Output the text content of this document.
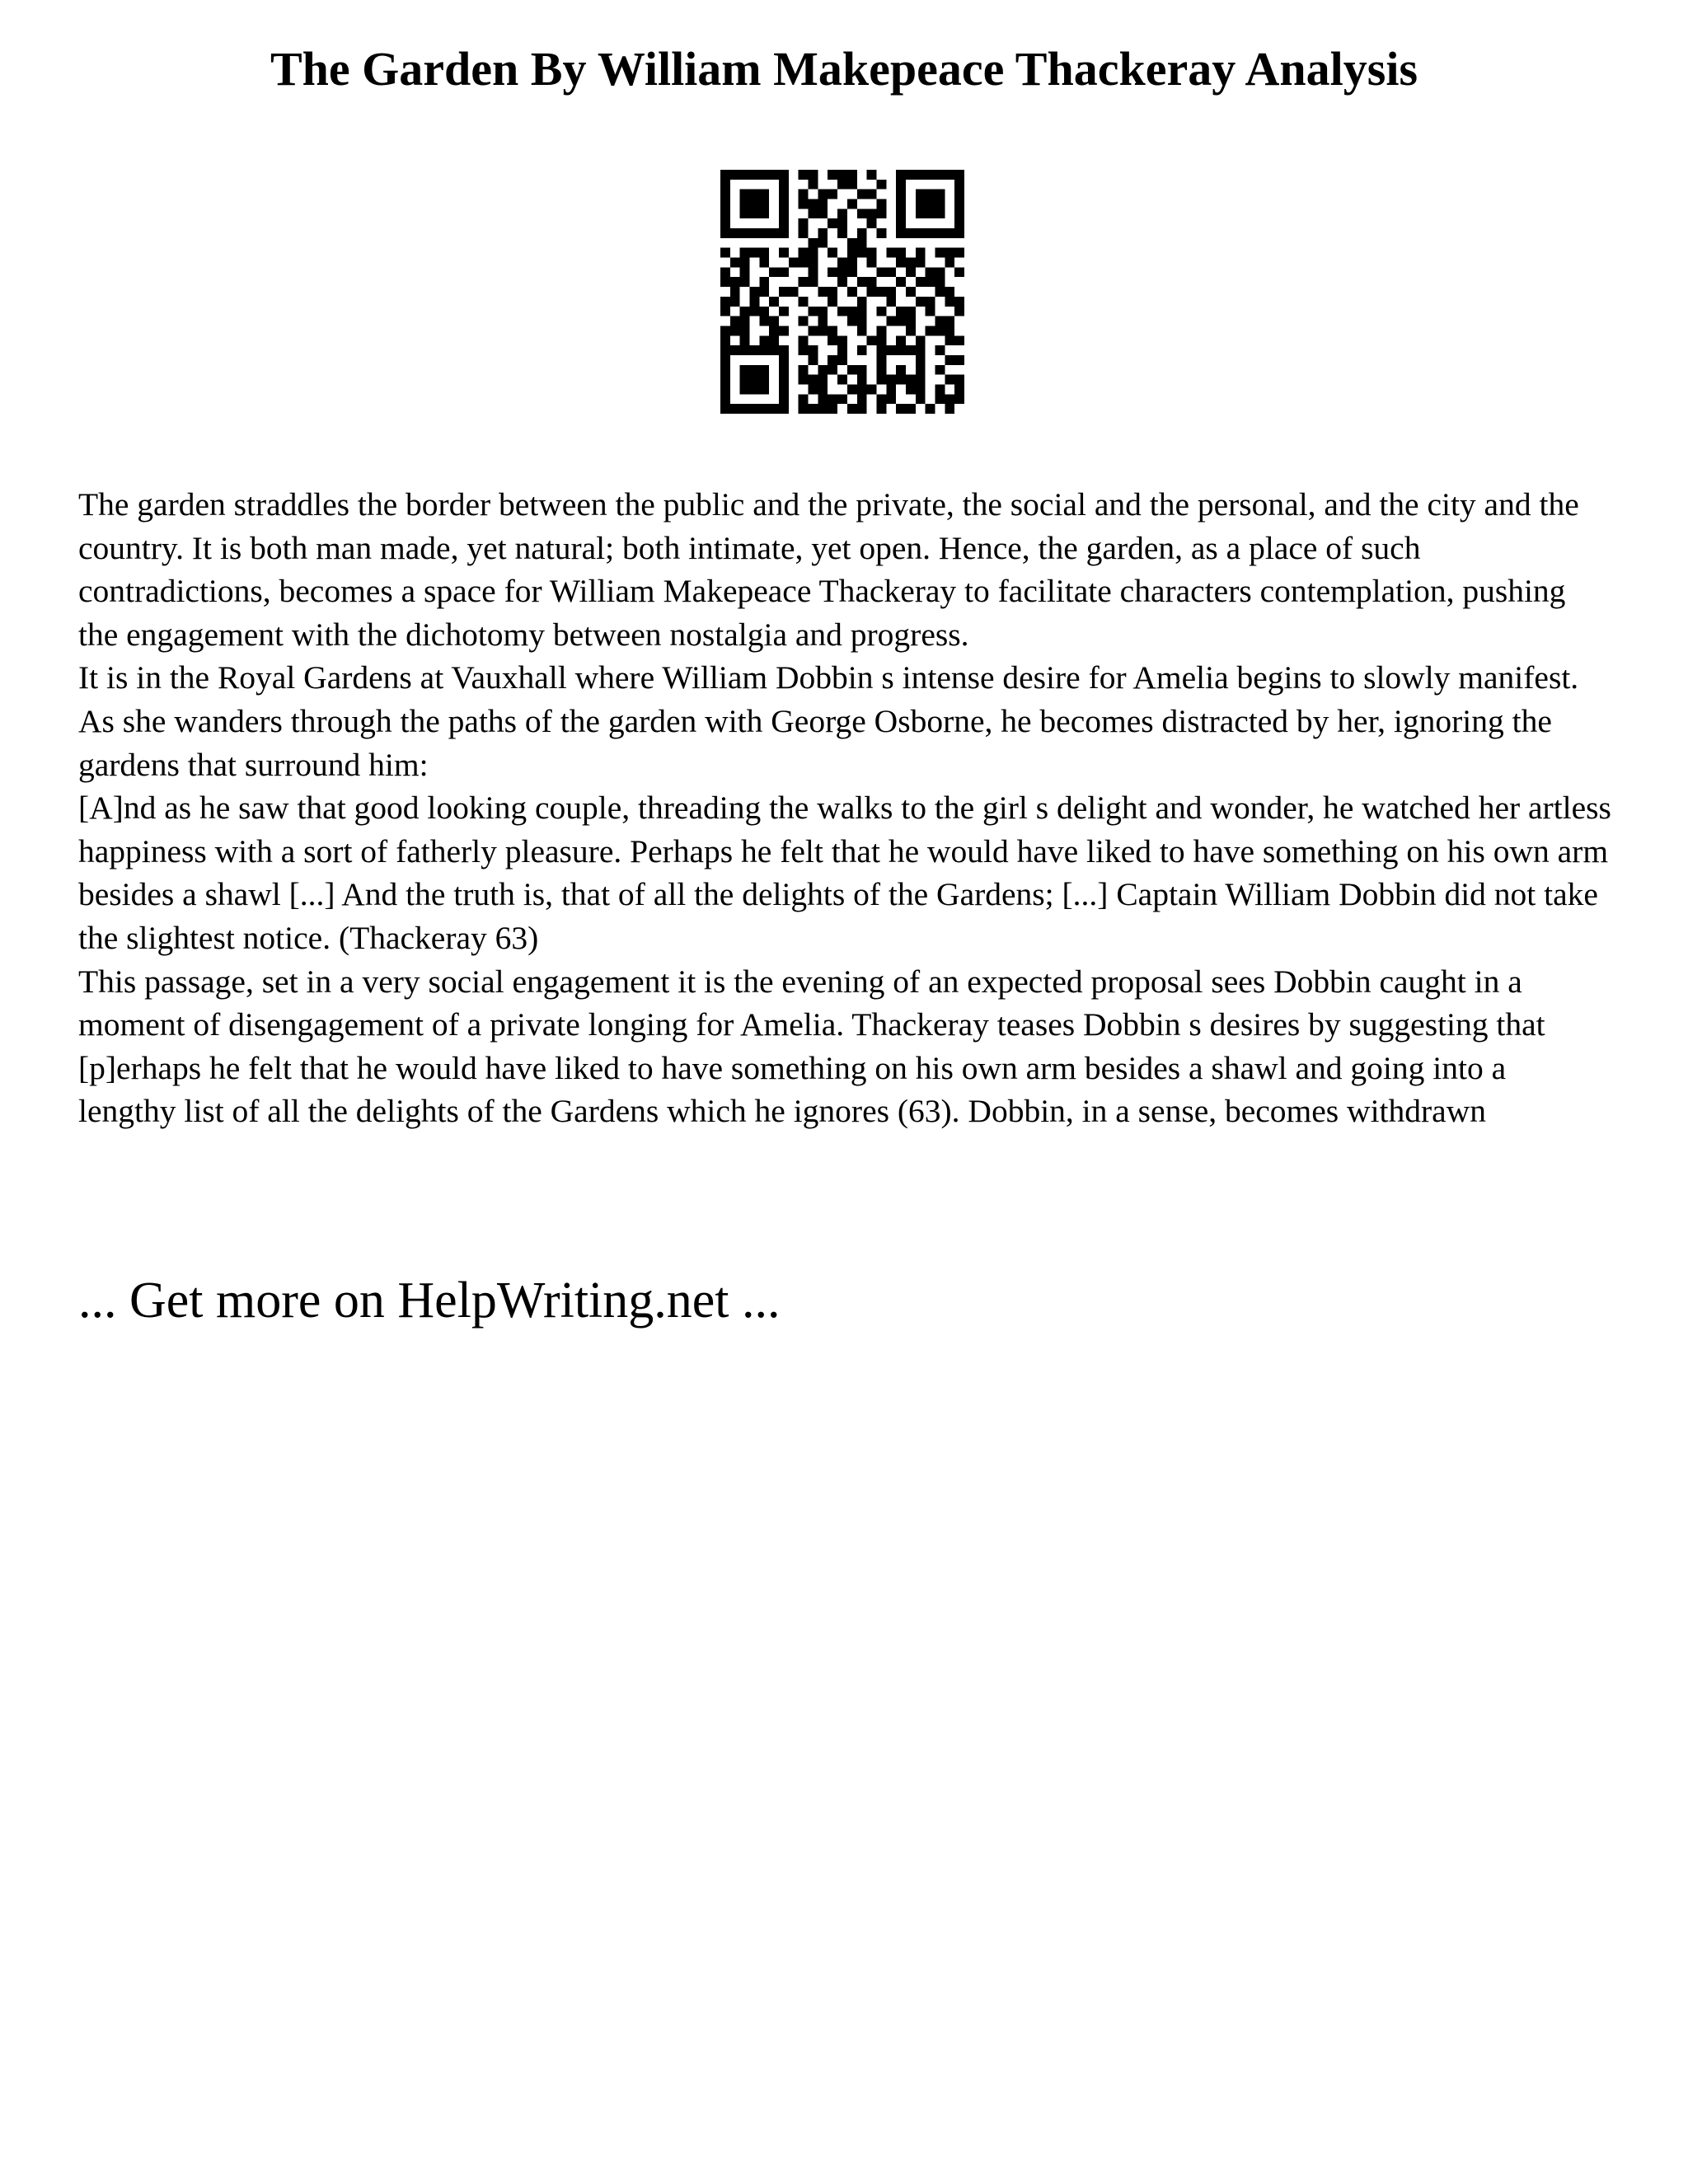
The Garden By William Makepeace Thackeray Analysis

The garden straddles the border between the public and the private, the social and the personal, and the city and the country. It is both man made, yet natural; both intimate, yet open. Hence, the garden, as a place of such contradictions, becomes a space for William Makepeace Thackeray to facilitate characters contemplation, pushing the engagement with the dichotomy between nostalgia and progress.

It is in the Royal Gardens at Vauxhall where William Dobbin s intense desire for Amelia begins to slowly manifest. As she wanders through the paths of the garden with George Osborne, he becomes distracted by her, ignoring the gardens that surround him:

[A]nd as he saw that good looking couple, threading the walks to the girl s delight and wonder, he watched her artless happiness with a sort of fatherly pleasure. Perhaps he felt that he would have liked to have something on his own arm besides a shawl [...] And the truth is, that of all the delights of the Gardens; [...] Captain William Dobbin did not take the slightest notice. (Thackeray 63)

This passage, set in a very social engagement it is the evening of an expected proposal sees Dobbin caught in a moment of disengagement of a private longing for Amelia. Thackeray teases Dobbin s desires by suggesting that [p]erhaps he felt that he would have liked to have something on his own arm besides a shawl and going into a lengthy list of all the delights of the Gardens which he ignores (63). Dobbin, in a sense, becomes withdrawn

... Get more on HelpWriting.net ...
